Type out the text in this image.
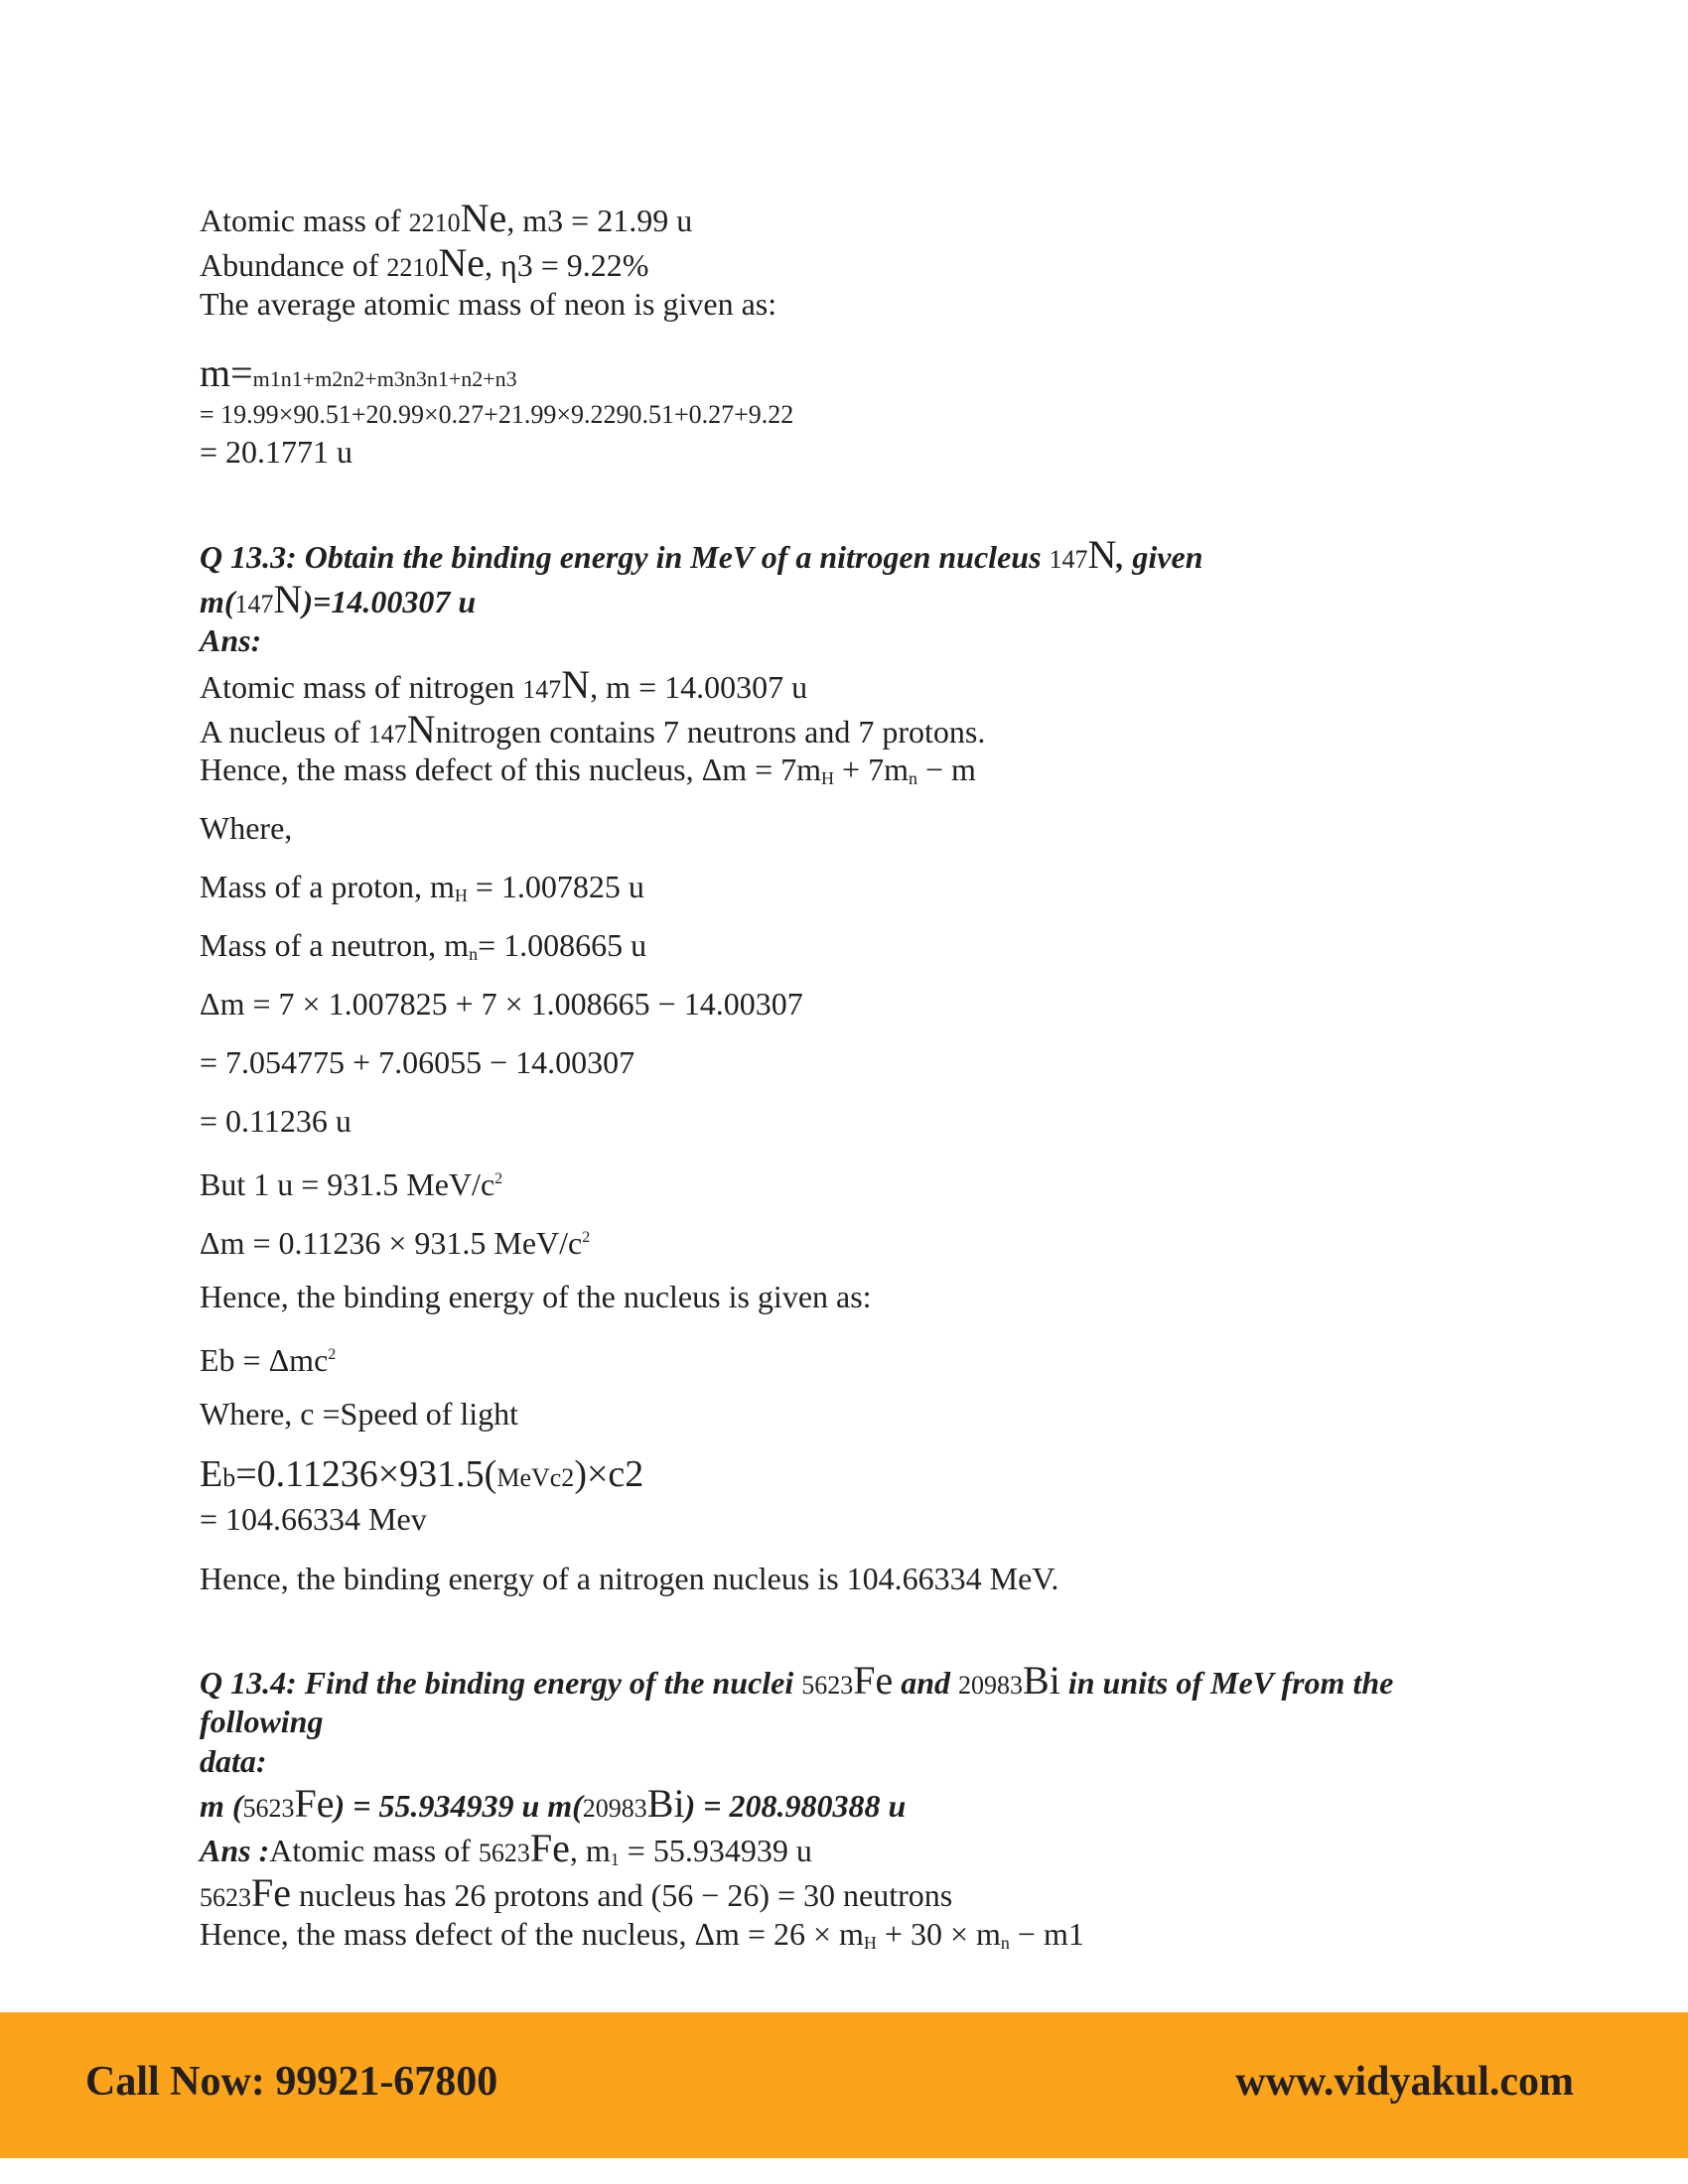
Atomic mass of 2210Ne, m3 = 21.99 u
Abundance of 2210Ne, η3 = 9.22%
The average atomic mass of neon is given as:
m=m1n1+m2n2+m3n3n1+n2+n3
= 19.99×90.51+20.99×0.27+21.99×9.2290.51+0.27+9.22
= 20.1771 u
Q 13.3: Obtain the binding energy in MeV of a nitrogen nucleus 147N, given
m(147N)=14.00307 u
Ans:
Atomic mass of nitrogen 147N, m = 14.00307 u
A nucleus of 147Nnitrogen contains 7 neutrons and 7 protons.
Hence, the mass defect of this nucleus, $\Delta m = 7m_H + 7m_n - m$
Where,
Mass of a proton, $m_H = 1.007825$ u
Mass of a neutron, $m_n= 1.008665$ u
Δm = 7 × 1.007825 + 7 × 1.008665 − 14.00307
= 7.054775 + 7.06055 − 14.00307
= 0.11236 u
But 1 u = 931.5 MeV/$c^2$
Δm = 0.11236 × 931.5 MeV/$c^2$
Hence, the binding energy of the nucleus is given as:
Eb = Δmc$^2$
Where, c =Speed of light
Eb=0.11236×931.5(MeVc2)×c2
= 104.66334 Mev
Hence, the binding energy of a nitrogen nucleus is 104.66334 MeV.
Q 13.4: Find the binding energy of the nuclei 5623Fe and 20983Bi in units of MeV from the
following
data:
m (5623Fe) = 55.934939 u m(20983Bi) = 208.980388 u
Ans :Atomic mass of 5623Fe, $m_1 = 55.934939$ u
5623Fe nucleus has 26 protons and (56 − 26) = 30 neutrons
Hence, the mass defect of the nucleus, $\Delta m = 26 \times m_H + 30 \times m_n - m1$
Call Now: 99921-67800	www.vidyakul.com
